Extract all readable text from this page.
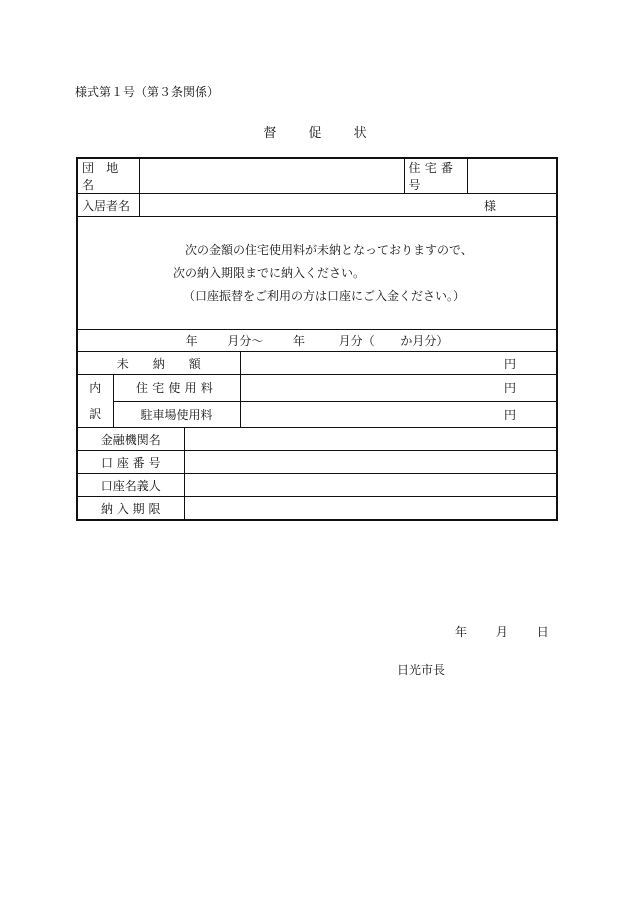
様式第１号（第３条関係）
督 促 状
団 地 名					住宅番号	
入居者名		様				

次の金額の住宅使用料が未納となっておりますので、
次の納入期限までに納入ください。
（口座振替をご利用の方は口座にご入金ください。）						

年 月分〜 年 月分（ か月分）						
未　　納　　額				円		

内
訳	住宅使用料			円		
	駐車場使用料			円		
金融機関名						
口 座 番 号						
口座名義人						
納 入 期 限						
年 月 日
日光市長
